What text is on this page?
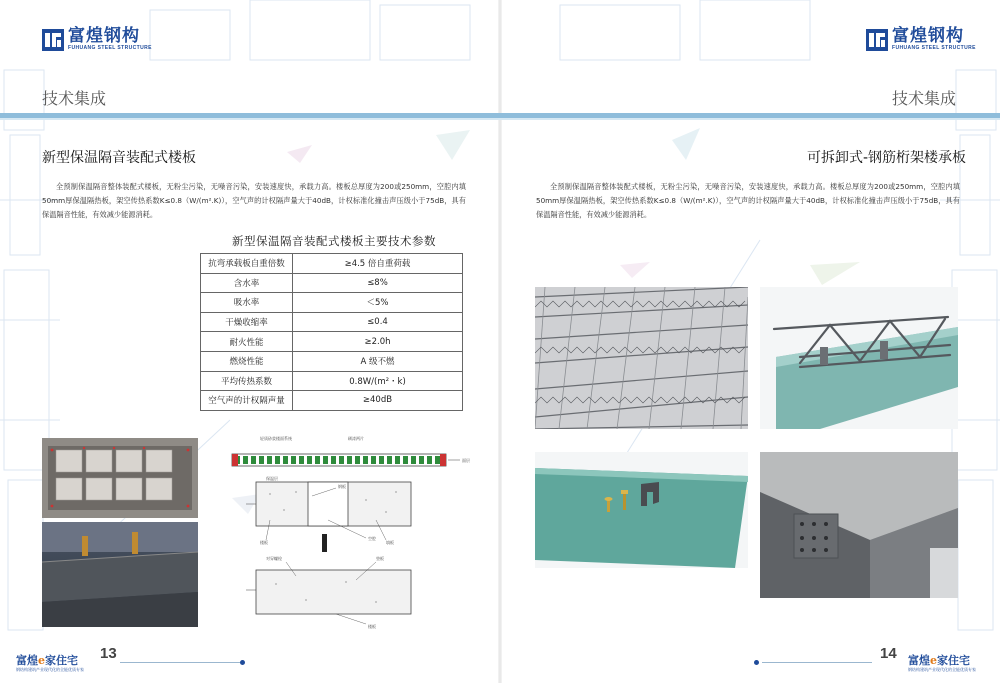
富煌钢构
FUHUANG STEEL STRUCTURE
技术集成
新型保温隔音装配式楼板
全预制保温隔音整体装配式楼板，无粉尘污染，无噪音污染，安装速度快，承载力高。楼板总厚度为200或250mm，空腔内填50mm厚保温隔热板，架空传热系数K≤0.8（W/(m².K)），空气声的计权隔声量大于40dB，计权标准化撞击声压级小于75dB，具有保温隔音性能，有效减少能源消耗。
新型保温隔音装配式楼板主要技术参数
抗弯承载板自重倍数	≥4.5 倍自重荷载
含水率	≤8%
吸水率	＜5%
干燥收缩率	≤0.4
耐火性能	≥2.0h
燃烧性能	A 级不燃
平均传热系数	0.8W/(m²・k)
空气声的计权隔声量	≥40dB
轻质砂浆楼面系统	刷漆两片
面层
保温层
钢板
空腔
楼板	填板
对穿螺栓	垫板
楼板
富煌e家住宅
钢结构建筑产业现代化的全能优质专家
13
富煌钢构
FUHUANG STEEL STRUCTURE
技术集成
可拆卸式-钢筋桁架楼承板
全预制保温隔音整体装配式楼板，无粉尘污染，无噪音污染，安装速度快，承载力高。楼板总厚度为200或250mm，空腔内填50mm厚保温隔热板，架空传热系数K≤0.8（W/(m².K)），空气声的计权隔声量大于40dB，计权标准化撞击声压级小于75dB，具有保温隔音性能，有效减少能源消耗。
14 富煌e家住宅
钢结构建筑产业现代化的全能优质专家
